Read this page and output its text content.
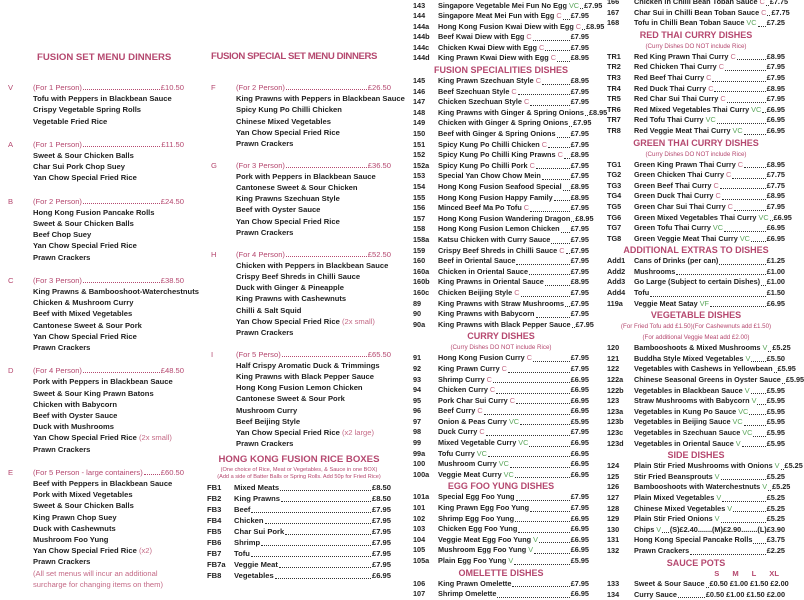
FUSION SET MENU DINNERS
V	(For 1 Person)	£10.50
Tofu with Peppers in Blackbean Sauce
Crispy Vegetable Spring Rolls
Vegetable Fried Rice
A	(For 1 Person)	£11.50
Sweet & Sour Chicken Balls
Char Sui Pork Chop Suey
Yan Chow Special Fried Rice
B	(For 2 Person)	£24.50
Hong Kong Fusion Pancake Rolls
Sweet & Sour Chicken Balls
Beef Chop Suey
Yan Chow Special Fried Rice
Prawn Crackers
C	(For 3 Person)	£38.50
King Prawns & Bambooshoot-Waterchestnuts
Chicken & Mushroom Curry
Beef with Mixed Vegetables
Cantonese Sweet & Sour Pork
Yan Chow Special Fried Rice
Prawn Crackers
D	(For 4 Person)	£48.50
Pork with Peppers in Blackbean Sauce
Sweet & Sour King Prawn Batons
Chicken with Babycorn
Beef with Oyster Sauce
Duck with Mushrooms
Yan Chow Special Fried Rice (2x small)
Prawn Crackers
E	(For 5 Person - large containers) £60.50
Beef with Peppers in Blackbean Sauce
Pork with Mixed Vegetables
Sweet & Sour Chicken Balls
King Prawn Chop Suey
Duck with Cashewnuts
Mushroom Foo Yung
Yan Chow Special Fried Rice (x2)
Prawn Crackers
(All set menus will incur an additional
surcharge for changing items on them)
FUSION SPECIAL SET MENU DINNERS
F	(For 2 Person)	£26.50
King Prawns with Peppers in Blackbean Sauce
Spicy Kung Po Chilli Chicken
Chinese Mixed Vegetables
Yan Chow Special Fried Rice
Prawn Crackers
G	(For 3 Person)	£36.50
Pork with Peppers in Blackbean Sauce
Cantonese Sweet & Sour Chicken
King Prawns Szechuan Style
Beef with Oyster Sauce
Yan Chow Special Fried Rice
Prawn Crackers
H	(For 4 Person)	£52.50
Chicken with Peppers in Blackbean Sauce
Crispy Beef Shreds in Chilli Sauce
Duck with Ginger & Pineapple
King Prawns with Cashewnuts
Chilli & Salt Squid
Yan Chow Special Fried Rice (2x small)
Prawn Crackers
I	(For 5 Perso)	£65.50
Half Crispy Aromatic Duck & Trimmings
King Prawns with Black Pepper Sauce
Hong Kong Fusion Lemon Chicken
Cantonese Sweet & Sour Pork
Mushroom Curry
Beef Beijing Style
Yan Chow Special Fried Rice (x2 large)
Prawn Crackers
HONG KONG FUSION RICE BOXES
(One choice of Rice, Meat or Vegetables, & Sauce in one BOX)
(Add a side of Batter Balls or Spring Rolls. Add 50p for Fried Rice)
FB1	Mixed Meats	£8.50
FB2	King Prawns	£8.50
FB3	Beef	£7.95
FB4	Chicken	£7.95
FB5	Char Sui Pork	£7.95
FB6	Shrimp	£7.95
FB7	Tofu	£7.95
FB7a	Veggie Meat	£7.95
FB8	Vegetables	£6.95
143	Singapore Vegetable Mei Fun No Egg VC £7.95
144	Singapore Meat Mei Fun with Egg C £7.95
144a	Hong Kong Fusion Kwai Diew with Egg C £8.95
144b	Beef Kwai Diew with Egg C	£7.95
144c	Chicken Kwai Diew with Egg C	£7.95
144d	King Prawn Kwai Diew with Egg C £8.95
FUSION SPECIALITIES DISHES
145	King Prawn Szechuan Style C	£8.95
146	Beef Szechuan Style C	£7.95
147	Chicken Szechuan Style C	£7.95
148	King Prawns with Ginger & Spring Onions £8.95
149	Chicken with Ginger & Spring Onions £7.95
150	Beef with Ginger & Spring Onions £7.95
151	Spicy Kung Po Chilli Chicken C	£7.95
152	Spicy Kung Po Chilli King Prawns C £8.95
152a	Spicy Kung Po Chilli Pork C	£7.95
153	Special Yan Chow Chow Mein	£7.95
154	Hong Kong Fusion Seafood Special £8.95
155	Hong Kong Fusion Happy Family £8.95
156	Minced Beef Ma Po Tofu C	£7.95
157	Hong Kong Fusion Wandering Dragon £8.95
158	Hong Kong Fusion Lemon Chicken £7.95
158a	Katsu Chicken with Curry Sauce	£7.95
159	Crispy Beef Shreds in Chilli Sauce C £7.95
160	Beef in Oriental Sauce	£7.95
160a	Chicken in Oriental Sauce	£7.95
160b	King Prawns in Oriental Sauce	£8.95
160c	Chicken Beijing Style C	£7.95
89	King Prawns with Straw Mushrooms £7.95
90	King Prawns with Babycorn	£7.95
90a	King Prawns with Black Pepper Sauce £7.95
CURRY DISHES
(Curry Dishes DO NOT include Rice)
91	Hong Kong Fusion Curry C	£7.95
92	King Prawn Curry C	£7.95
93	Shrimp Curry C	£6.95
94	Chicken Curry C	£6.95
95	Pork Char Sui Curry C	£6.95
96	Beef Curry C	£6.95
97	Onion & Peas Curry VC	£5.95
98	Duck Curry C	£7.95
99	Mixed Vegetable Curry VC	£6.95
99a	Tofu Curry VC	£6.95
100	Mushroom Curry VC	£6.95
100a	Veggie Meat Curry VC	£6.95
EGG FOO YUNG DISHES
101a	Special Egg Foo Yung	£7.95
101	King Prawn Egg Foo Yung	£7.95
102	Shrimp Egg Foo Yung	£6.95
103	Chicken Egg Foo Yung	£6.95
104	Veggie Meat Egg Foo Yung V	£6.95
105	Mushroom Egg Foo Yung V	£6.95
105a	Plain Egg Foo Yung V	£5.95
OMELETTE DISHES
106	King Prawn Omelette	£7.95
107	Shrimp Omelette	£6.95
166	Chicken in Chilli Bean Toban Sauce C £7.75
167	Char Sui in Chilli Bean Toban Sauce C £7.75
168	Tofu in Chilli Bean Toban Sauce VC £7.25
RED THAI CURRY DISHES
(Curry Dishes DO NOT include Rice)
TR1	Red King Prawn Thai Curry C	£8.95
TR2	Red Chicken Thai Curry C	£7.95
TR3	Red Beef Thai Curry C	£7.95
TR4	Red Duck Thai Curry C	£8.95
TR5	Red Char Sui Thai Curry C	£7.95
TR6	Red Mixed Vegetables Thai Curry VC £6.95
TR7	Red Tofu Thai Curry VC	£6.95
TR8	Red Veggie Meat Thai Curry VC	£6.95
GREEN THAI CURRY DISHES
(Curry Dishes DO NOT include Rice)
TG1	Green King Prawn Thai Curry C	£8.95
TG2	Green Chicken Thai Curry C	£7.75
TG3	Green Beef Thai Curry C	£7.75
TG4	Green Duck Thai Curry C	£8.95
TG5	Green Char Sui Thai Curry C	£7.95
TG6	Green Mixed Vegetables Thai Curry VC £6.95
TG7	Green Tofu Thai Curry VC	£6.95
TG8	Green Veggie Meat Thai Curry VC £6.95
ADDITIONAL EXTRAS TO DISHES
Add1	Cans of Drinks (per can)	£1.25
Add2	Mushrooms	£1.00
Add3	Go Large (Subject to certain Dishes) £1.00
Add4	Tofu	£1.50
119a	Veggie Meat Satay VF	£6.95
VEGETABLE DISHES
(For Fried Tofu add £1.50)(For Cashewnuts add £1.50)
(For additional Veggie Meat add £2.00)
120	Bambooshoots & Mixed Mushrooms V £5.25
121	Buddha Style Mixed Vegetables V £5.50
122	Vegetables with Cashews in Yellowbean £5.95
122a	Chinese Seasonal Greens in Oyster Sauce £5.95
122b	Vegetables in Blackbean Sauce V £5.95
123	Straw Mushrooms with Babycorn V £5.95
123a	Vegetables in Kung Po Sauce VC	£5.95
123b	Vegetables in Beijing Sauce VC	£5.95
123c	Vegetables in Szechuan Sauce VC £5.95
123d	Vegetables in Oriental Sauce V	£5.95
SIDE DISHES
124	Plain Stir Fried Mushrooms with Onions V £5.25
125	Stir Fried Beansprouts V	£5.25
126	Bambooshoots with Waterchestnuts V £5.25
127	Plain Mixed Vegetables V	£5.25
128	Chinese Mixed Vegetables V	£5.25
129	Plain Stir Fried Onions V	£5.25
130	Chips V (S)£2.40.......(M)£2.90........(L)£3.90
131	Hong Kong Special Pancake Rolls £3.75
132	Prawn Crackers	£2.25
SAUCE POTS
S M L XL
133	Sweet & Sour Sauce £0.50 £1.00 £1.50 £2.00
134	Curry Sauce	£0.50 £1.00 £1.50 £2.00
